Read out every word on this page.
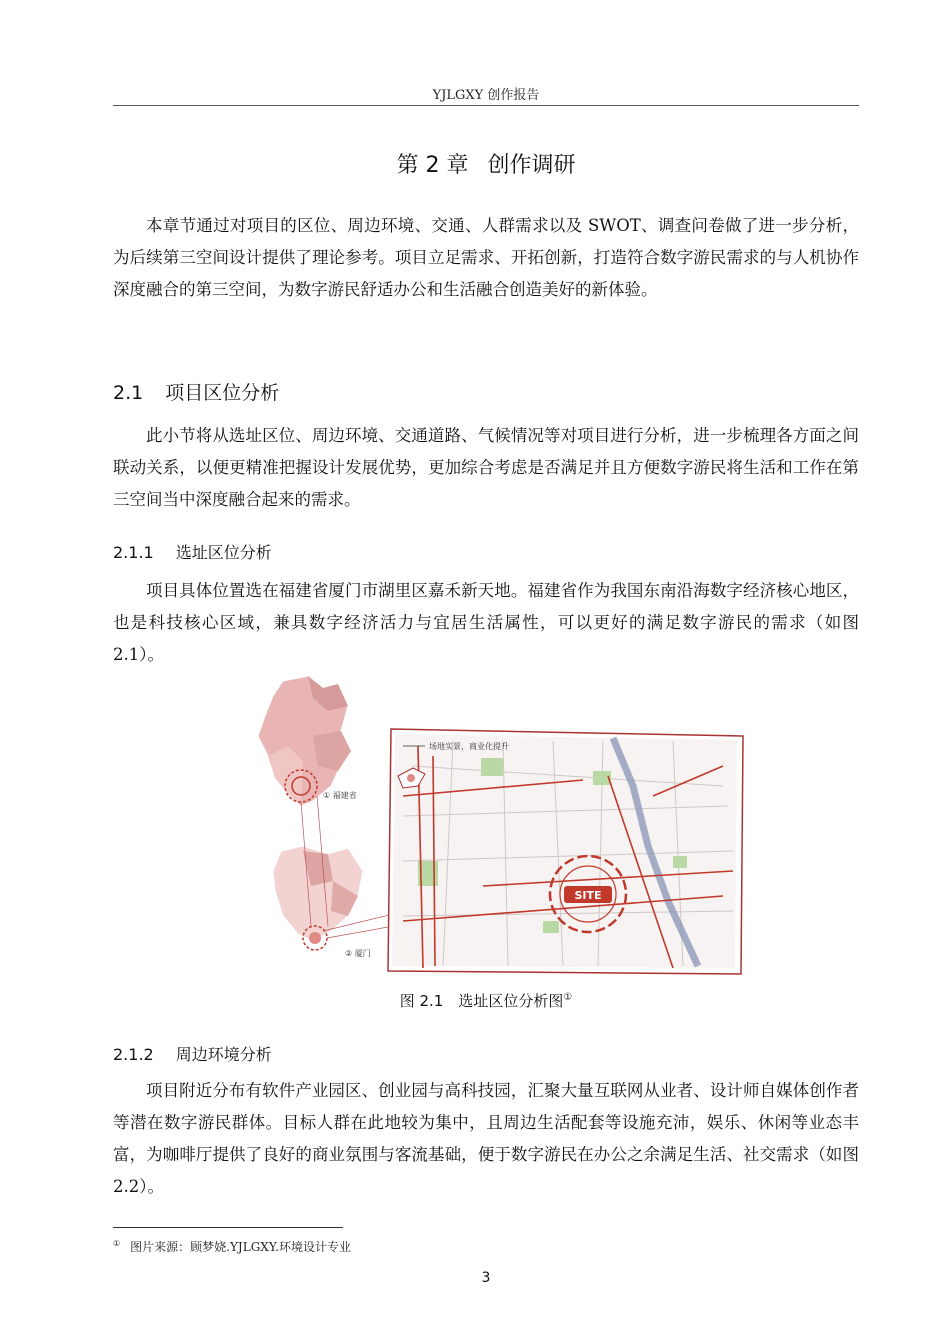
YJLGXY 创作报告
第 2 章 创作调研

本章节通过对项目的区位、周边环境、交通、人群需求以及 SWOT、调查问卷做了进一步分析，为后续第三空间设计提供了理论参考。项目立足需求、开拓创新，打造符合数字游民需求的与人机协作深度融合的第三空间，为数字游民舒适办公和生活融合创造美好的新体验。

2.1 项目区位分析

此小节将从选址区位、周边环境、交通道路、气候情况等对项目进行分析，进一步梳理各方面之间联动关系，以便更精准把握设计发展优势，更加综合考虑是否满足并且方便数字游民将生活和工作在第三空间当中深度融合起来的需求。

2.1.1 选址区位分析

项目具体位置选在福建省厦门市湖里区嘉禾新天地。福建省作为我国东南沿海数字经济核心地区，也是科技核心区域，兼具数字经济活力与宜居生活属性，可以更好的满足数字游民的需求（如图 2.1）。

① 福建省
② 厦门
SITE
场地实景，商业化提升
图 2.1　选址区位分析图①
2.1.2 周边环境分析

项目附近分布有软件产业园区、创业园与高科技园，汇聚大量互联网从业者、设计师自媒体创作者等潜在数字游民群体。目标人群在此地较为集中，且周边生活配套等设施充沛，娱乐、休闲等业态丰富，为咖啡厅提供了良好的商业氛围与客流基础，便于数字游民在办公之余满足生活、社交需求（如图 2.2）。

① 图片来源：顾梦娆.YJLGXY.环境设计专业
3
